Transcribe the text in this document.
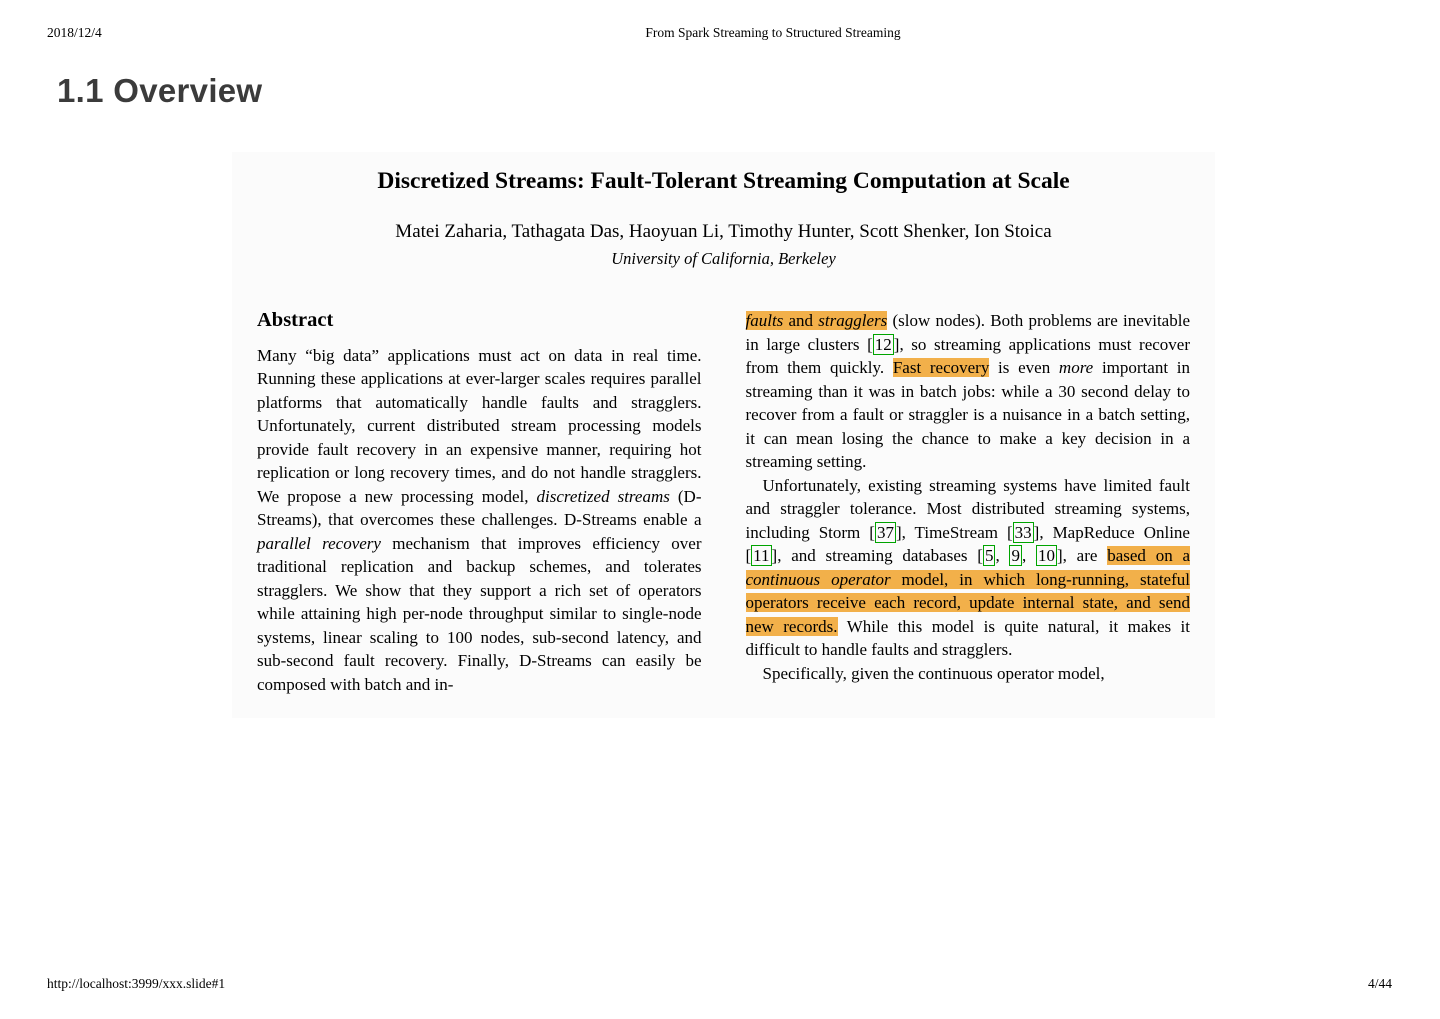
2018/12/4	From Spark Streaming to Structured Streaming
1.1 Overview
Discretized Streams: Fault-Tolerant Streaming Computation at Scale
Matei Zaharia, Tathagata Das, Haoyuan Li, Timothy Hunter, Scott Shenker, Ion Stoica
University of California, Berkeley
Abstract

Many “big data” applications must act on data in real time. Running these applications at ever-larger scales requires parallel platforms that automatically handle faults and stragglers. Unfortunately, current distributed stream processing models provide fault recovery in an expensive manner, requiring hot replication or long recovery times, and do not handle stragglers. We propose a new processing model, discretized streams (D-Streams), that overcomes these challenges. D-Streams enable a parallel recovery mechanism that improves efficiency over traditional replication and backup schemes, and tolerates stragglers. We show that they support a rich set of operators while attaining high per-node throughput similar to single-node systems, linear scaling to 100 nodes, sub-second latency, and sub-second fault recovery. Finally, D-Streams can easily be composed with batch and in-

faults and stragglers (slow nodes). Both problems are inevitable in large clusters [ 12 ], so streaming applications must recover from them quickly. Fast recovery is even more important in streaming than it was in batch jobs: while a 30 second delay to recover from a fault or straggler is a nuisance in a batch setting, it can mean losing the chance to make a key decision in a streaming setting.

Unfortunately, existing streaming systems have limited fault and straggler tolerance. Most distributed streaming systems, including Storm [ 37 ], TimeStream [ 33 ], MapReduce Online [ 11 ], and streaming databases [ 5 , 9 , 10 ], are based on a continuous operator model, in which long-running, stateful operators receive each record, update internal state, and send new records. While this model is quite natural, it makes it difficult to handle faults and stragglers.

Specifically, given the continuous operator model,

http://localhost:3999/xxx.slide#1	4/44
